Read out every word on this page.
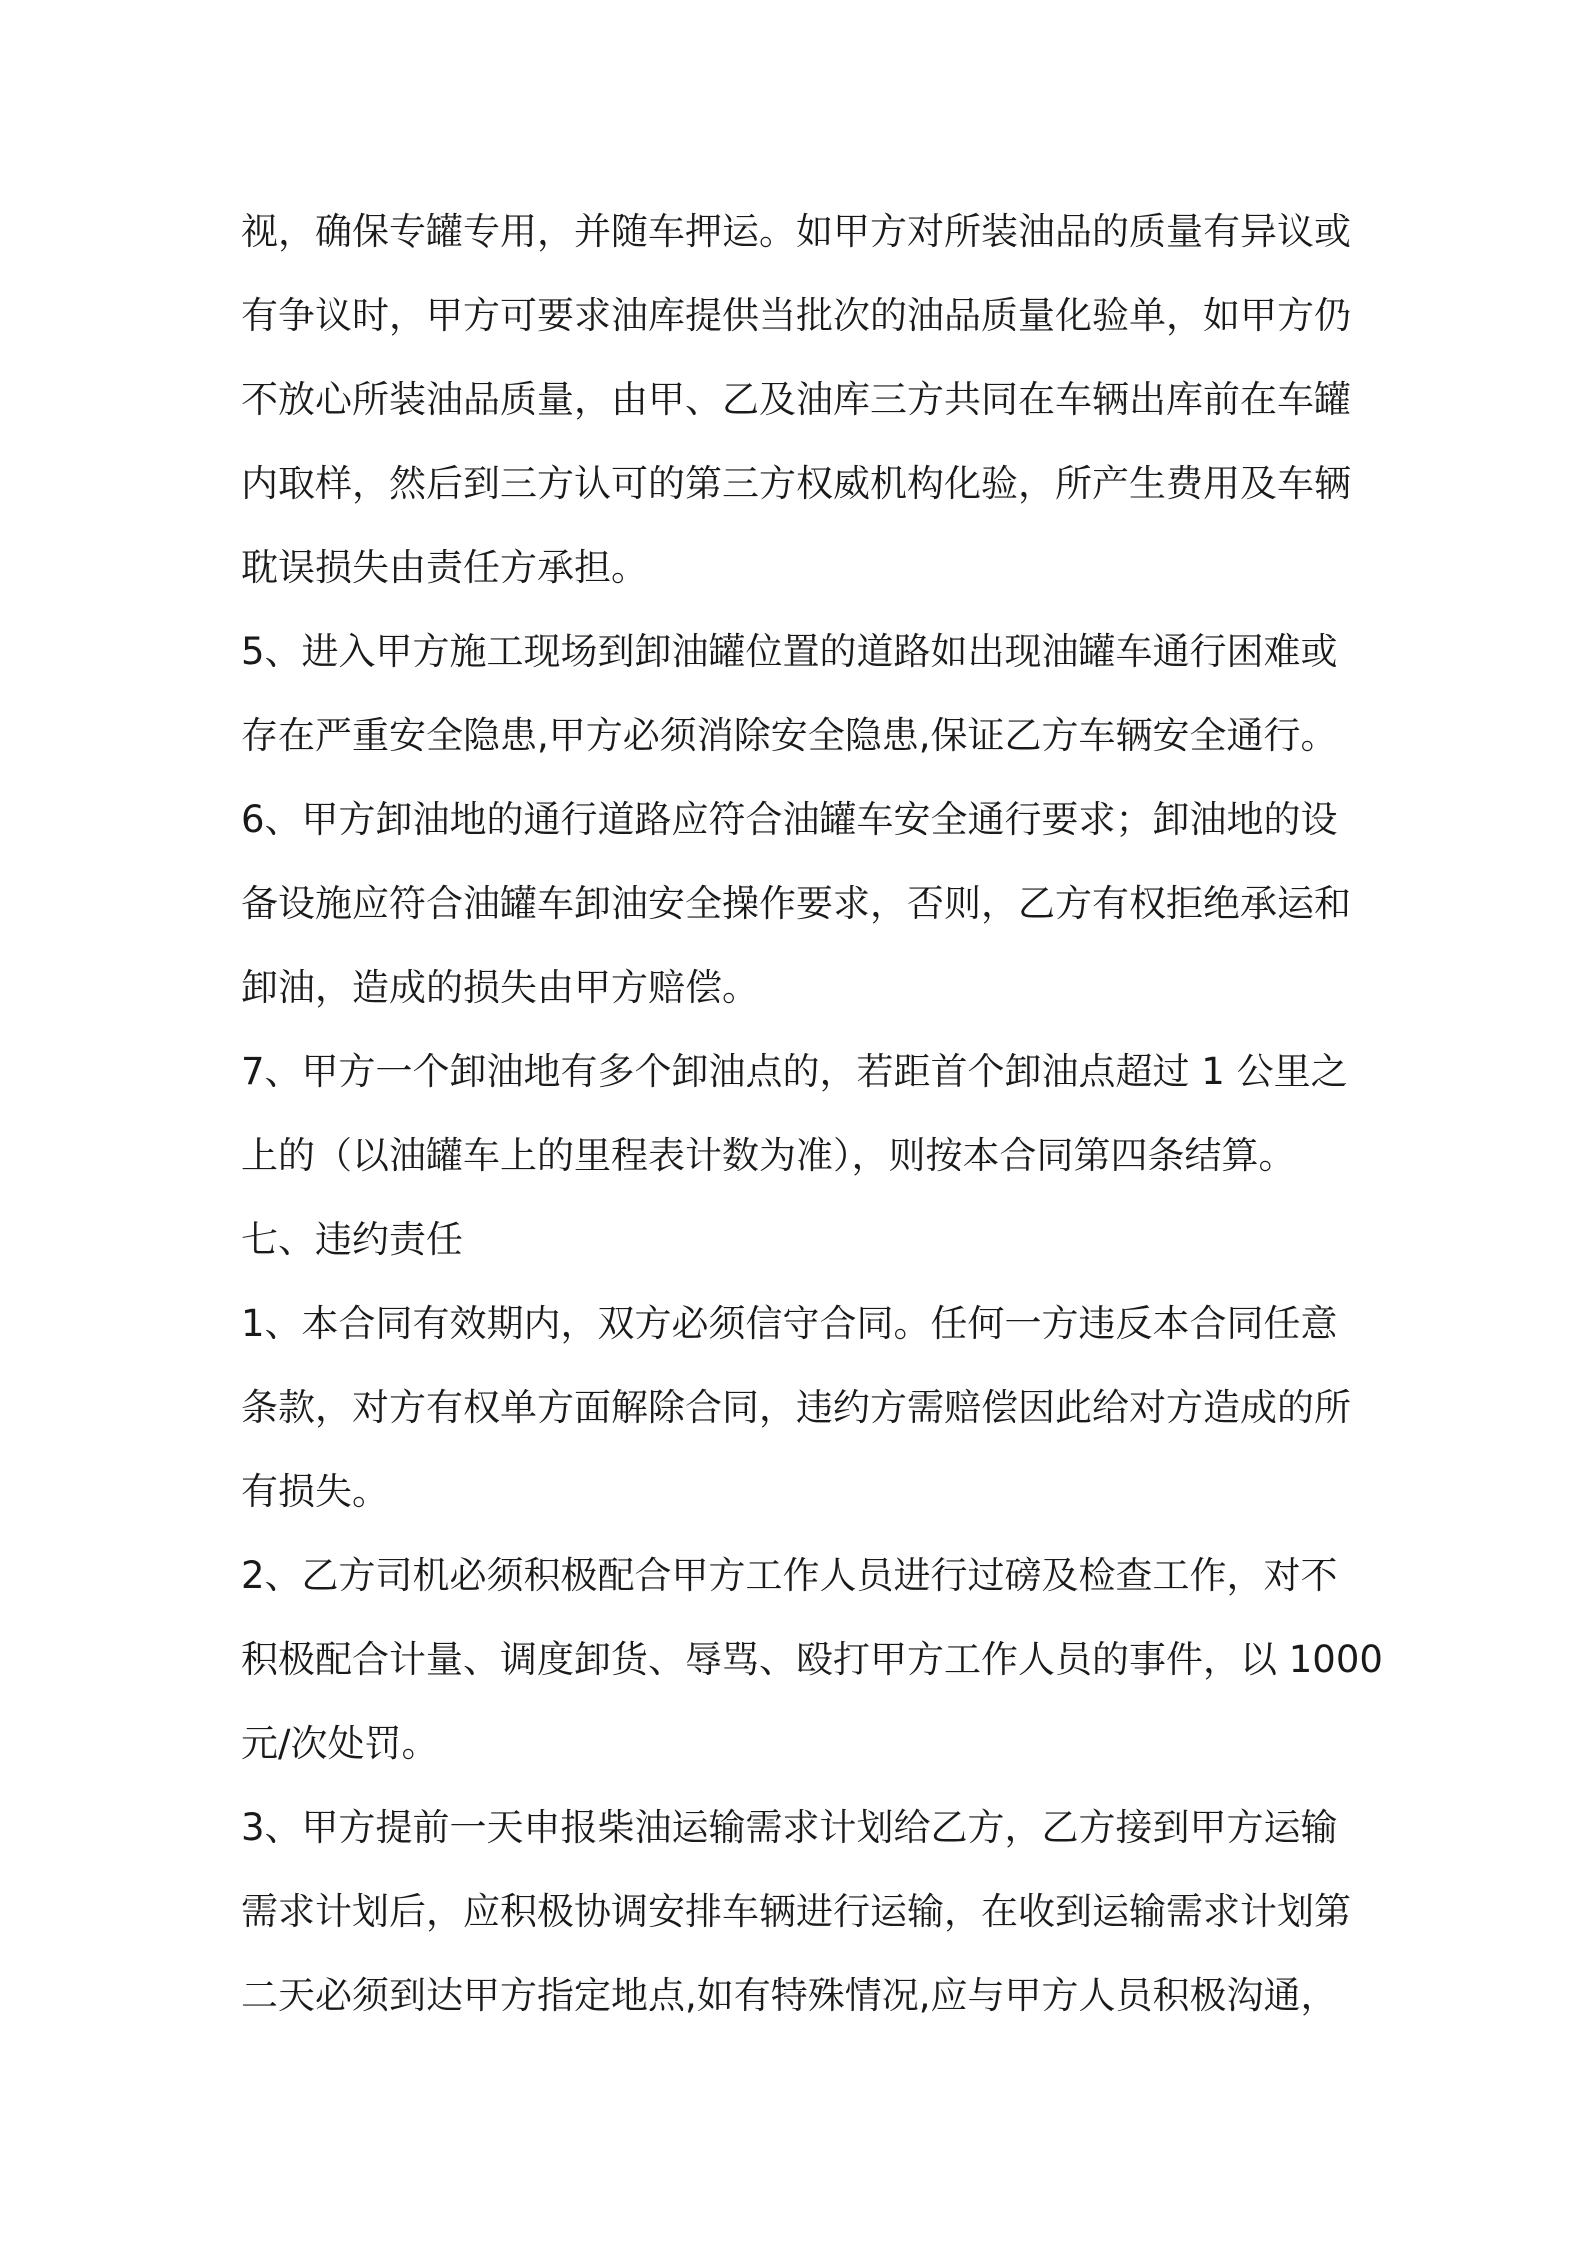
视，确保专罐专用，并随车押运。如甲方对所装油品的质量有异议或
有争议时，甲方可要求油库提供当批次的油品质量化验单，如甲方仍
不放心所装油品质量，由甲、乙及油库三方共同在车辆出库前在车罐
内取样，然后到三方认可的第三方权威机构化验，所产生费用及车辆
耽误损失由责任方承担。
5、进入甲方施工现场到卸油罐位置的道路如出现油罐车通行困难或
存在严重安全隐患,甲方必须消除安全隐患,保证乙方车辆安全通行。
6、甲方卸油地的通行道路应符合油罐车安全通行要求；卸油地的设
备设施应符合油罐车卸油安全操作要求，否则，乙方有权拒绝承运和
卸油，造成的损失由甲方赔偿。
7、甲方一个卸油地有多个卸油点的，若距首个卸油点超过 1 公里之
上的（以油罐车上的里程表计数为准），则按本合同第四条结算。
七、违约责任
1、本合同有效期内，双方必须信守合同。任何一方违反本合同任意
条款，对方有权单方面解除合同，违约方需赔偿因此给对方造成的所
有损失。
2、乙方司机必须积极配合甲方工作人员进行过磅及检查工作，对不
积极配合计量、调度卸货、辱骂、殴打甲方工作人员的事件，以 1000
元/次处罚。
3、甲方提前一天申报柴油运输需求计划给乙方，乙方接到甲方运输
需求计划后，应积极协调安排车辆进行运输，在收到运输需求计划第
二天必须到达甲方指定地点,如有特殊情况,应与甲方人员积极沟通，
